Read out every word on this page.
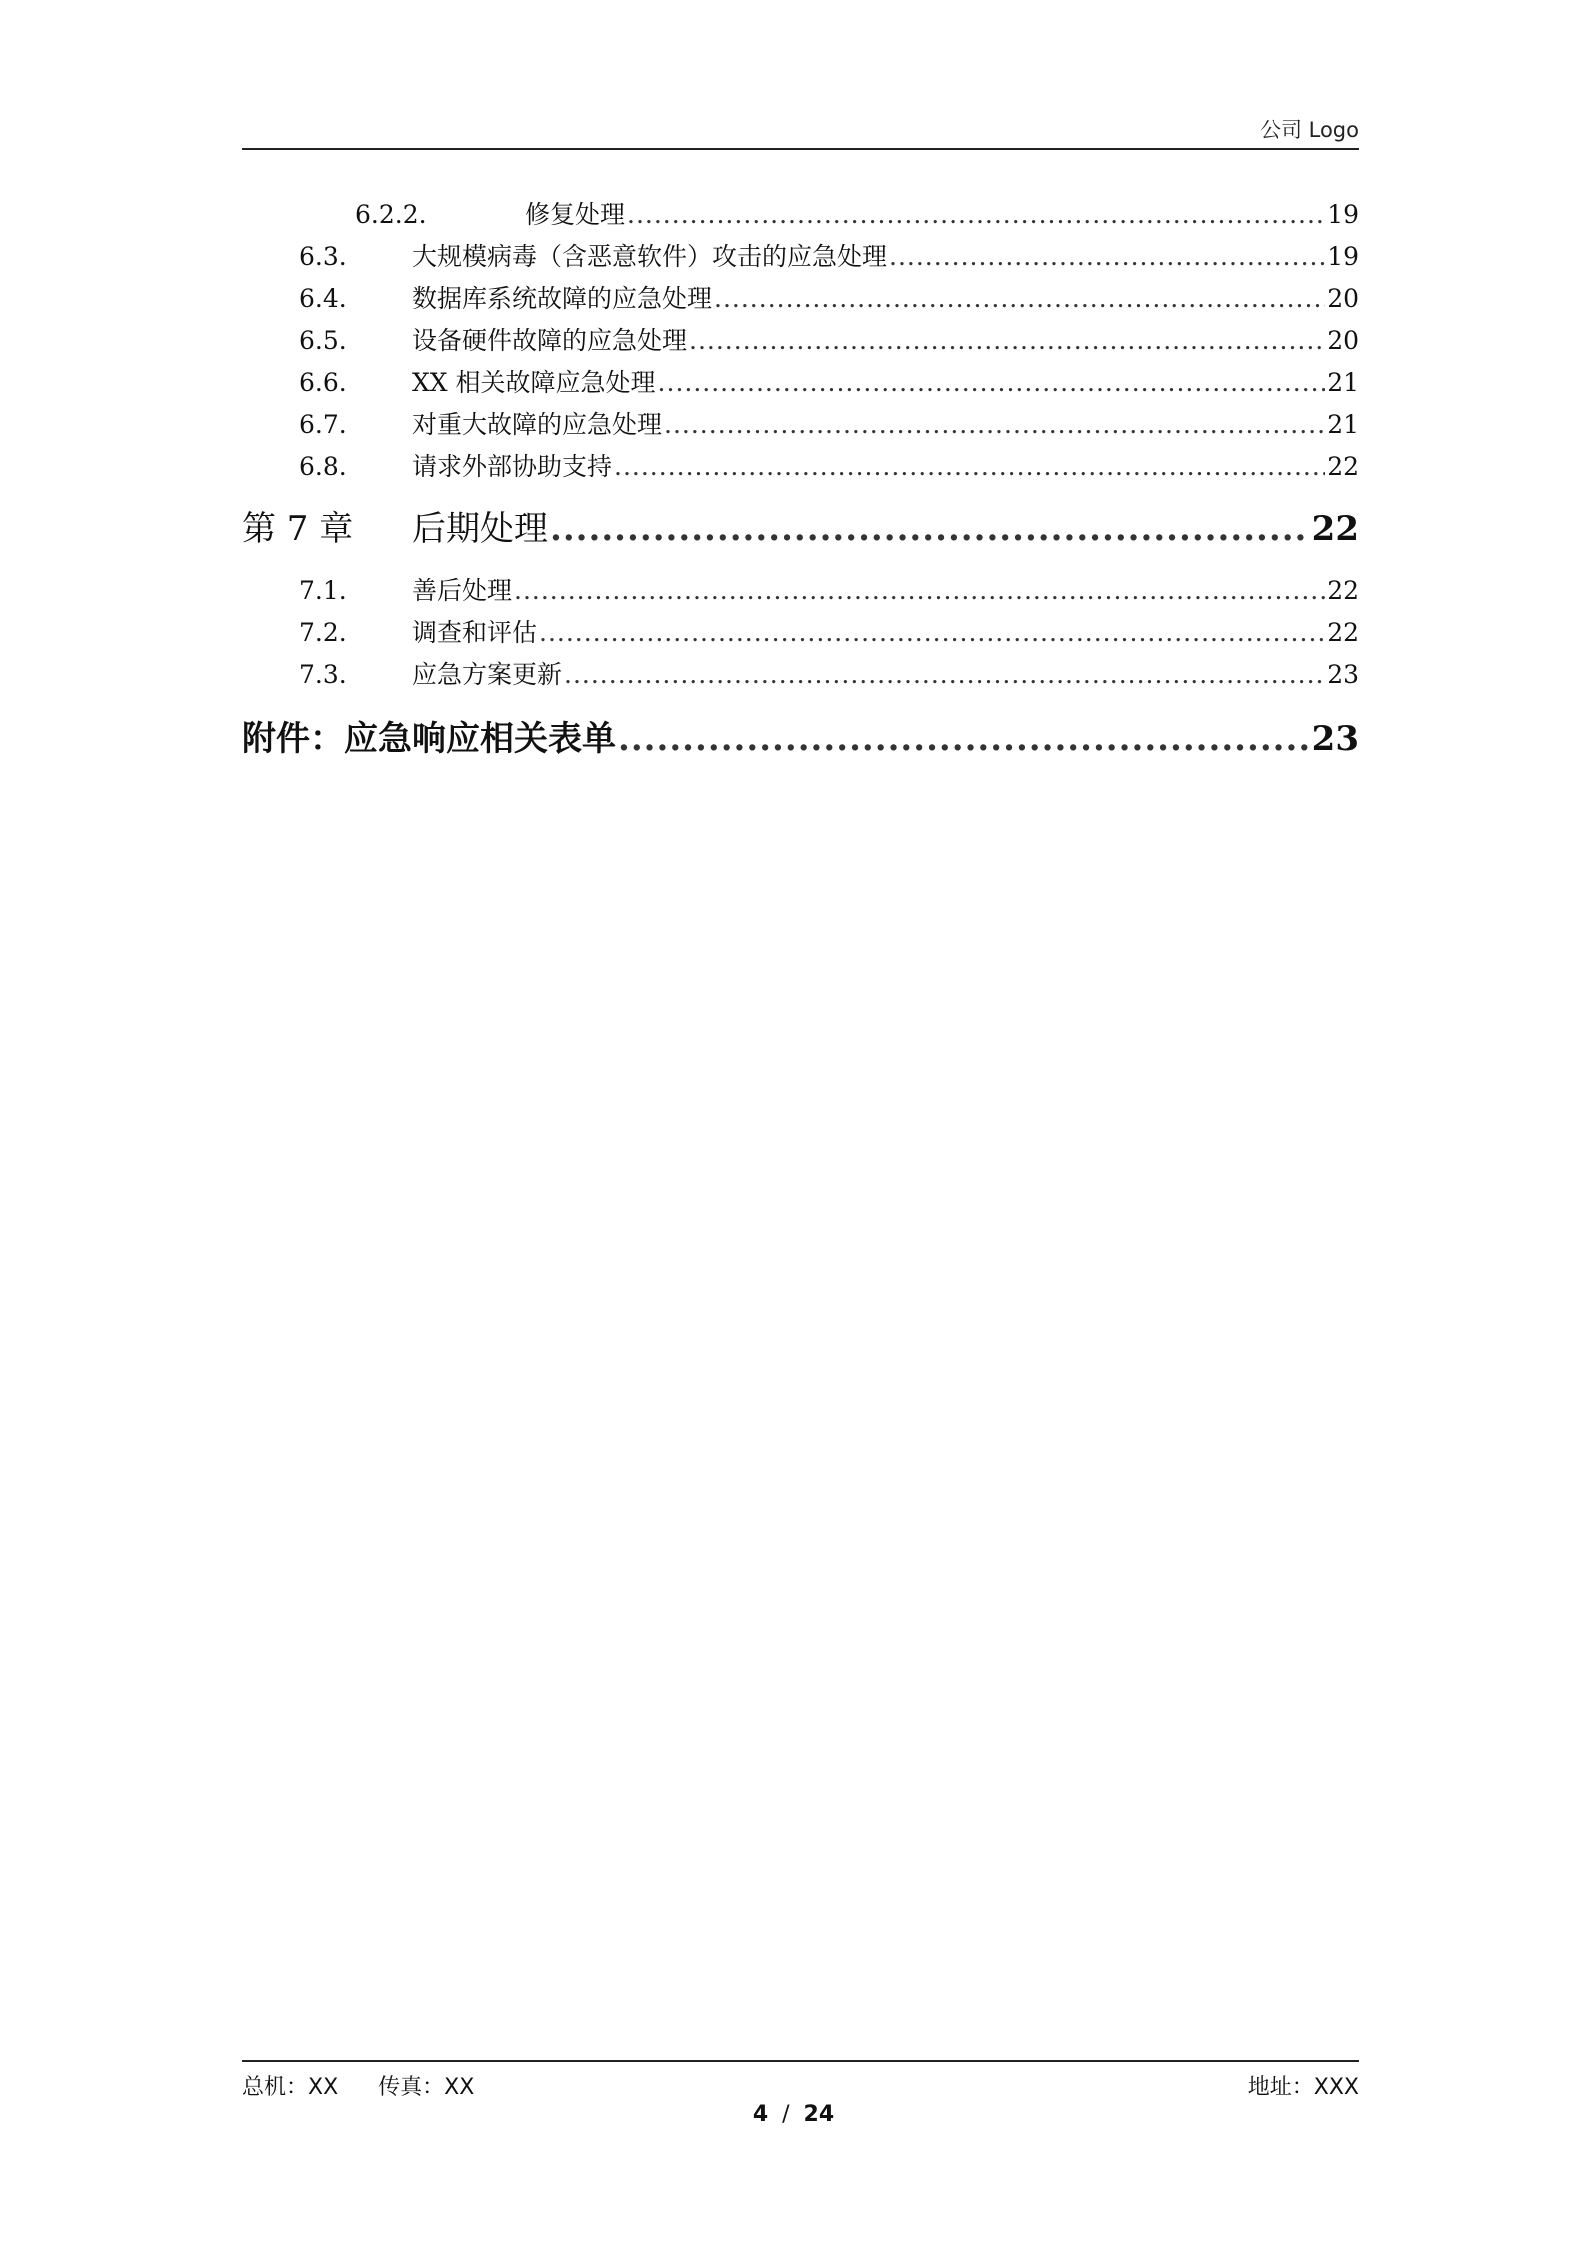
公司 Logo
6.2.2.	修复处理 .....	19
6.3.	大规模病毒（含恶意软件）攻击的应急处理 .....	19
6.4.	数据库系统故障的应急处理 .....	20
6.5.	设备硬件故障的应急处理 .....	20
6.6.	XX 相关故障应急处理 .....	21
6.7.	对重大故障的应急处理 .....	21
6.8.	请求外部协助支持 .....	22
第 7 章	后期处理 .....	22
7.1.	善后处理 .....	22
7.2.	调查和评估 .....	22
7.3.	应急方案更新 .....	23
附件：应急响应相关表单 .....	23
总机：XX 传真：XX	地址：XXX
4 / 24
